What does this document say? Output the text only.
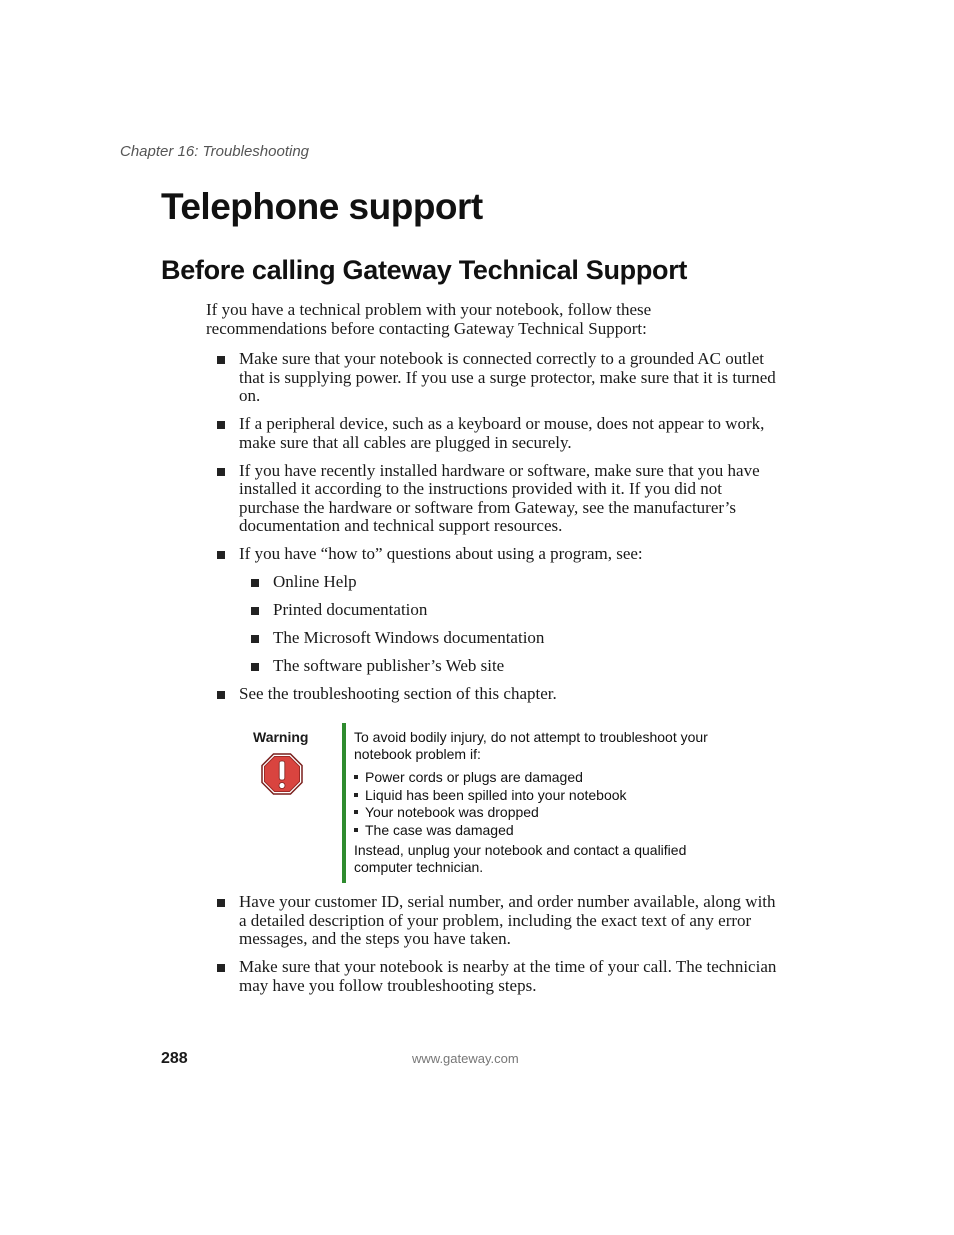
Chapter 16: Troubleshooting
Telephone support
Before calling Gateway Technical Support

If you have a technical problem with your notebook, follow these recommendations before contacting Gateway Technical Support:

Make sure that your notebook is connected correctly to a grounded AC outlet that is supplying power. If you use a surge protector, make sure that it is turned on.
If a peripheral device, such as a keyboard or mouse, does not appear to work, make sure that all cables are plugged in securely.
If you have recently installed hardware or software, make sure that you have installed it according to the instructions provided with it. If you did not purchase the hardware or software from Gateway, see the manufacturer’s documentation and technical support resources.
If you have “how to” questions about using a program, see:
Online Help
Printed documentation
The Microsoft Windows documentation
The software publisher’s Web site
See the troubleshooting section of this chapter.
Warning	To avoid bodily injury, do not attempt to troubleshoot your notebook problem if:

Power cords or plugs are damaged
Liquid has been spilled into your notebook
Your notebook was dropped
The case was damaged

Instead, unplug your notebook and contact a qualified computer technician.

Have your customer ID, serial number, and order number available, along with a detailed description of your problem, including the exact text of any error messages, and the steps you have taken.
Make sure that your notebook is nearby at the time of your call. The technician may have you follow troubleshooting steps.
288	www.gateway.com
